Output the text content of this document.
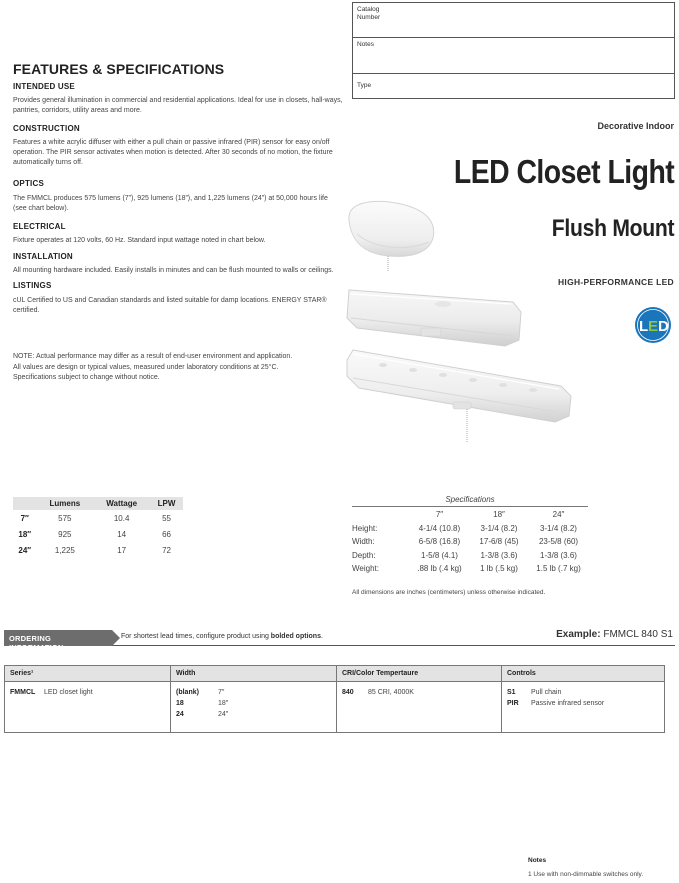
Catalog
Number
Notes
Type
FEATURES & SPECIFICATIONS
INTENDED USE
Provides general illumination in commercial and residential applications. Ideal for use in closets, hall-ways, pantries, corridors, utility areas and more.
CONSTRUCTION
Features a white acrylic diffuser with either a pull chain or passive infrared (PIR) sensor for easy on/off operation. The PIR sensor activates when motion is detected. After 30 seconds of no motion, the fixture automatically turns off.
OPTICS
The FMMCL produces 575 lumens (7”), 925 lumens (18”), and 1,225 lumens (24”) at 50,000 hours life (see chart below).
ELECTRICAL
Fixture operates at 120 volts, 60 Hz. Standard input wattage noted in chart below.
INSTALLATION
All mounting hardware included. Easily installs in minutes and can be flush mounted to walls or ceilings.
LISTINGS
cUL Certified to US and Canadian standards and listed suitable for damp locations. ENERGY STAR® certified.
NOTE: Actual performance may differ as a result of end-user environment and application.
All values are design or typical values, measured under laboratory conditions at 25°C.
Specifications subject to change without notice.
Decorative Indoor
LED Closet Light
Flush Mount
HIGH-PERFORMANCE LED
L E D
	Lumens	Wattage	LPW
7″	575	10.4	55
18″	925	14	66
24″	1,225	17	72
Specifications
	7″	18″	24″
Height:	4-1/4 (10.8)	3-1/4 (8.2)	3-1/4 (8.2)
Width:	6-5/8 (16.8)	17-6/8 (45)	23-5/8 (60)
Depth:	1-5/8 (4.1)	1-3/8 (3.6)	1-3/8 (3.6)
Weight:	.88 lb (.4 kg)	1 lb (.5 kg)	1.5 lb (.7 kg)
All dimensions are inches (centimeters) unless otherwise indicated.
ORDERING INFORMATION
For shortest lead times, configure product using bolded options.	Example: FMMCL 840 S1
Series¹
FMMCL	LED closet light
Width
(blank)	7″
18	18″
24	24″
CRI/Color Tempertaure
840	85 CRI, 4000K
Controls
S1	Pull chain
PIR	Passive infrared sensor
Notes
1 Use with non-dimmable switches only.
